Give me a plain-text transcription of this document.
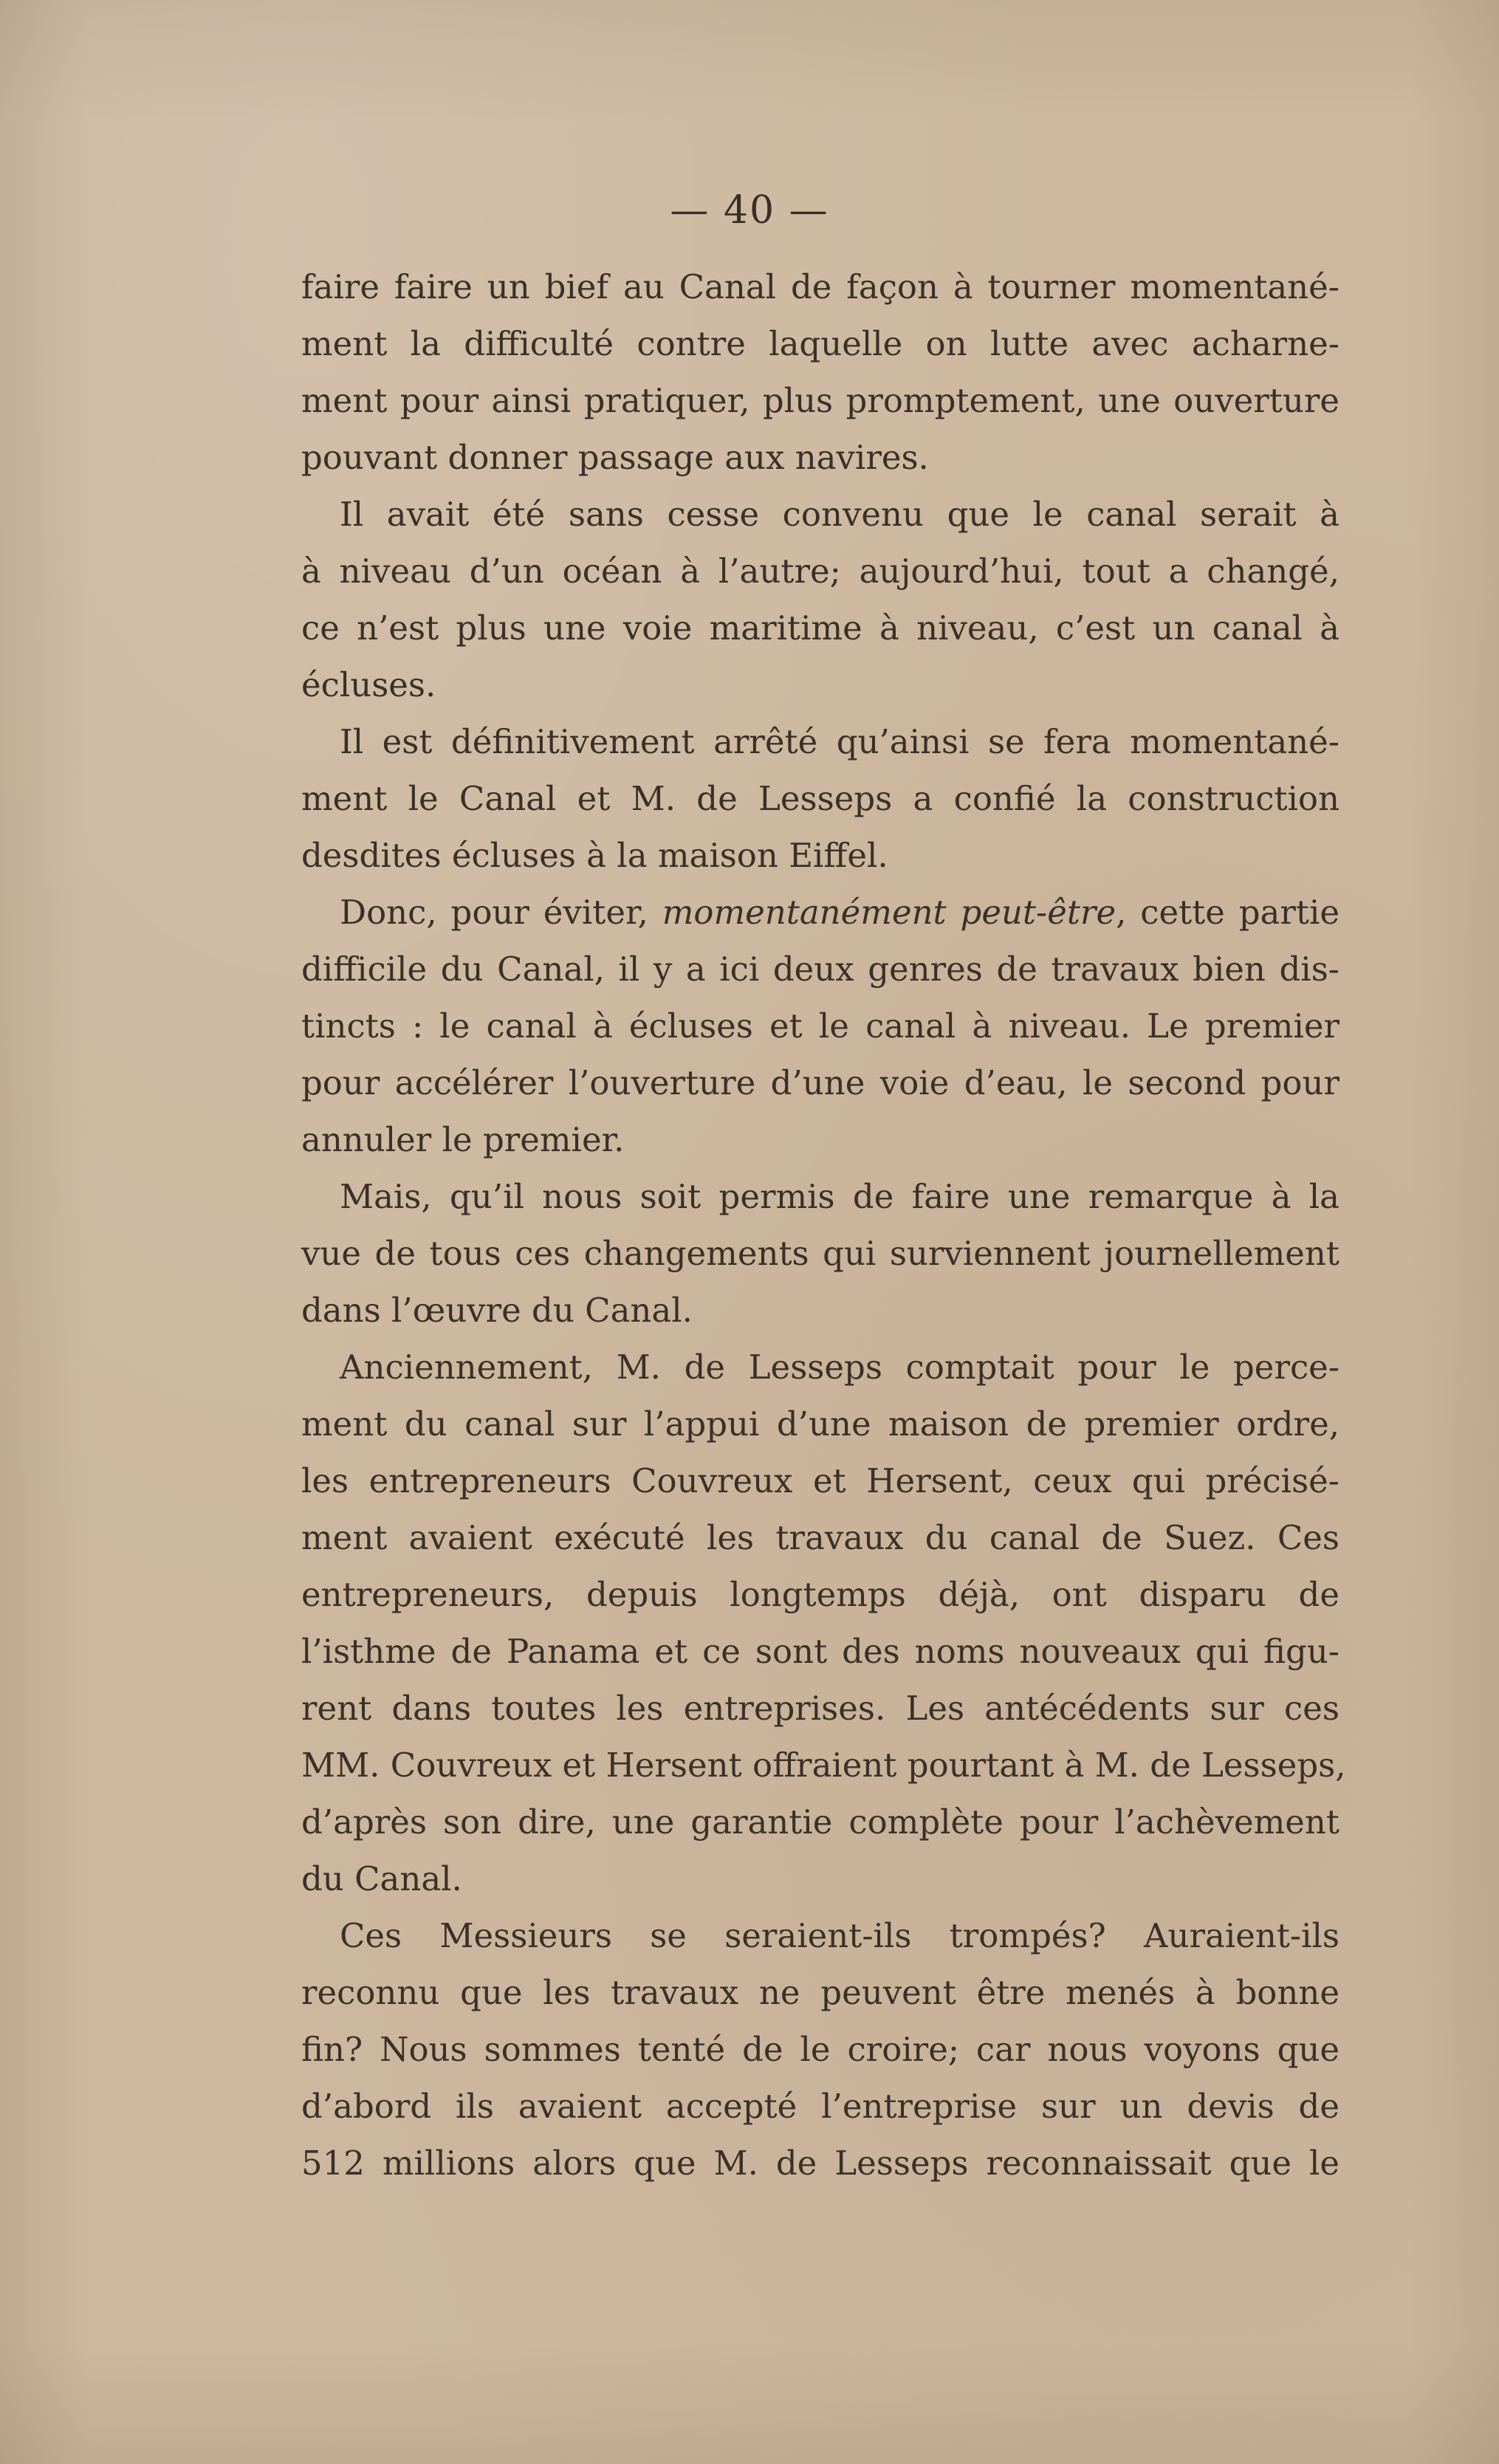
— 40 —
faire faire un bief au Canal de façon à tourner momentané-
ment la difficulté contre laquelle on lutte avec acharne-
ment pour ainsi pratiquer, plus promptement, une ouverture
pouvant donner passage aux navires.
Il avait été sans cesse convenu que le canal serait à
à niveau d’un océan à l’autre; aujourd’hui, tout a changé,
ce n’est plus une voie maritime à niveau, c’est un canal à
écluses.
Il est définitivement arrêté qu’ainsi se fera momentané-
ment le Canal et M. de Lesseps a confié la construction
desdites écluses à la maison Eiffel.
Donc, pour éviter, momentanément peut-être, cette partie
difficile du Canal, il y a ici deux genres de travaux bien dis-
tincts : le canal à écluses et le canal à niveau. Le premier
pour accélérer l’ouverture d’une voie d’eau, le second pour
annuler le premier.
Mais, qu’il nous soit permis de faire une remarque à la
vue de tous ces changements qui surviennent journellement
dans l’œuvre du Canal.
Anciennement, M. de Lesseps comptait pour le perce-
ment du canal sur l’appui d’une maison de premier ordre,
les entrepreneurs Couvreux et Hersent, ceux qui précisé-
ment avaient exécuté les travaux du canal de Suez. Ces
entrepreneurs, depuis longtemps déjà, ont disparu de
l’isthme de Panama et ce sont des noms nouveaux qui figu-
rent dans toutes les entreprises. Les antécédents sur ces
MM. Couvreux et Hersent offraient pourtant à M. de Lesseps,
d’après son dire, une garantie complète pour l’achèvement
du Canal.
Ces Messieurs se seraient-ils trompés? Auraient-ils
reconnu que les travaux ne peuvent être menés à bonne
fin? Nous sommes tenté de le croire; car nous voyons que
d’abord ils avaient accepté l’entreprise sur un devis de
512 millions alors que M. de Lesseps reconnaissait que le
